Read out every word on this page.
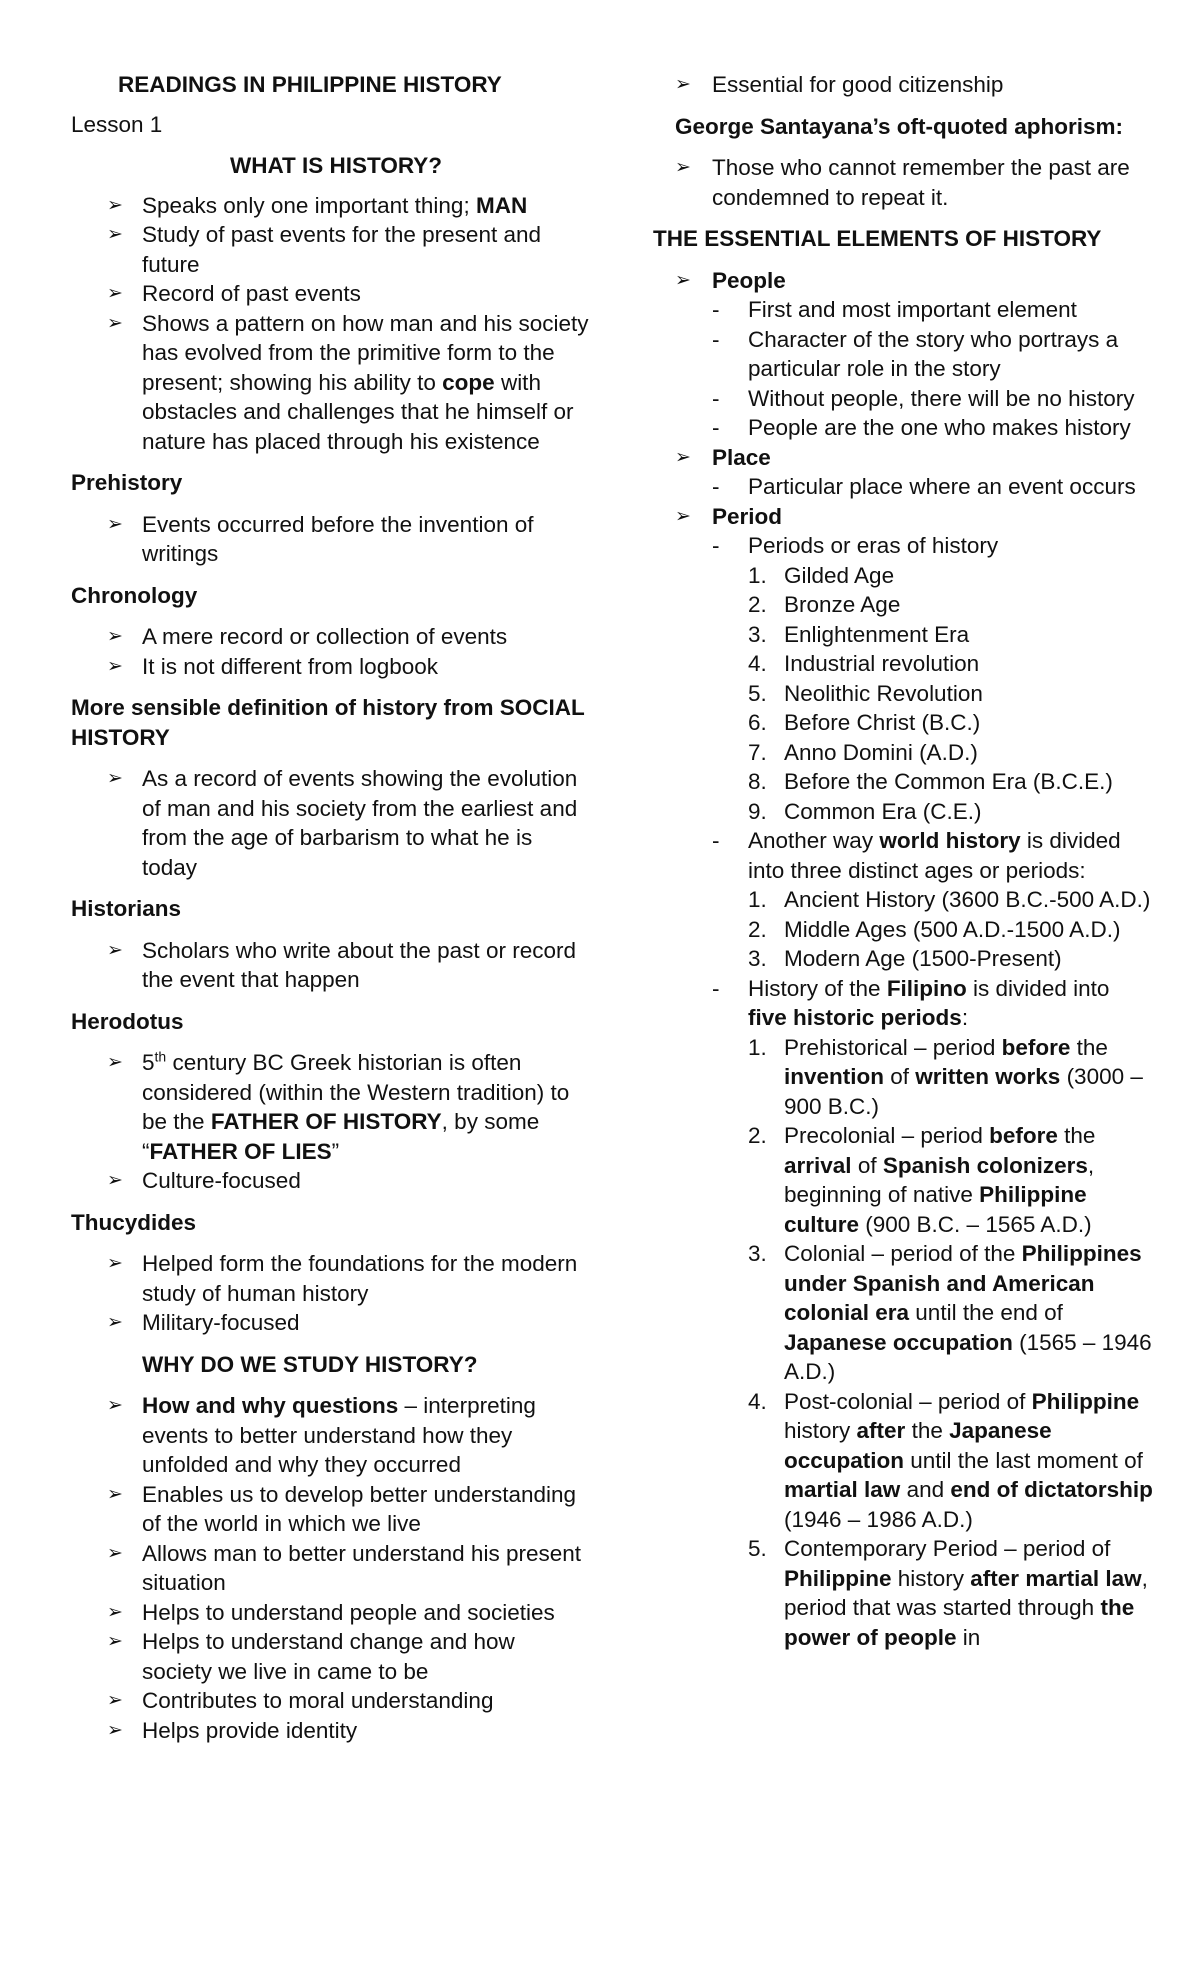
READINGS IN PHILIPPINE HISTORY
Lesson 1
WHAT IS HISTORY?
➢ Speaks only one important thing; MAN
➢ Study of past events for the present and future
➢ Record of past events
➢ Shows a pattern on how man and his society has evolved from the primitive form to the present; showing his ability to cope with obstacles and challenges that he himself or nature has placed through his existence
Prehistory
➢ Events occurred before the invention of writings
Chronology
➢ A mere record or collection of events
➢ It is not different from logbook
More sensible definition of history from SOCIAL HISTORY
➢ As a record of events showing the evolution of man and his society from the earliest and from the age of barbarism to what he is today
Historians
➢ Scholars who write about the past or record the event that happen
Herodotus
➢ 5th century BC Greek historian is often considered (within the Western tradition) to be the FATHER OF HISTORY, by some “FATHER OF LIES”
➢ Culture-focused
Thucydides
➢ Helped form the foundations for the modern study of human history
➢ Military-focused
WHY DO WE STUDY HISTORY?
➢ How and why questions – interpreting events to better understand how they unfolded and why they occurred
➢ Enables us to develop better understanding of the world in which we live
➢ Allows man to better understand his present situation
➢ Helps to understand people and societies
➢ Helps to understand change and how society we live in came to be
➢ Contributes to moral understanding
➢ Helps provide identity
➢ Essential for good citizenship
George Santayana’s oft-quoted aphorism:
➢ Those who cannot remember the past are condemned to repeat it.
THE ESSENTIAL ELEMENTS OF HISTORY
➢ People
- First and most important element
- Character of the story who portrays a particular role in the story
- Without people, there will be no history
- People are the one who makes history
➢ Place
- Particular place where an event occurs
➢ Period
- Periods or eras of history
1. Gilded Age
2. Bronze Age
3. Enlightenment Era
4. Industrial revolution
5. Neolithic Revolution
6. Before Christ (B.C.)
7. Anno Domini (A.D.)
8. Before the Common Era (B.C.E.)
9. Common Era (C.E.)
- Another way world history is divided into three distinct ages or periods:
1. Ancient History (3600 B.C.-500 A.D.)
2. Middle Ages (500 A.D.-1500 A.D.)
3. Modern Age (1500-Present)
- History of the Filipino is divided into five historic periods:
1. Prehistorical – period before the invention of written works (3000 – 900 B.C.)
2. Precolonial – period before the arrival of Spanish colonizers, beginning of native Philippine culture (900 B.C. – 1565 A.D.)
3. Colonial – period of the Philippines under Spanish and American colonial era until the end of Japanese occupation (1565 – 1946 A.D.)
4. Post-colonial – period of Philippine history after the Japanese occupation until the last moment of martial law and end of dictatorship (1946 – 1986 A.D.)
5. Contemporary Period – period of Philippine history after martial law, period that was started through the power of people in
